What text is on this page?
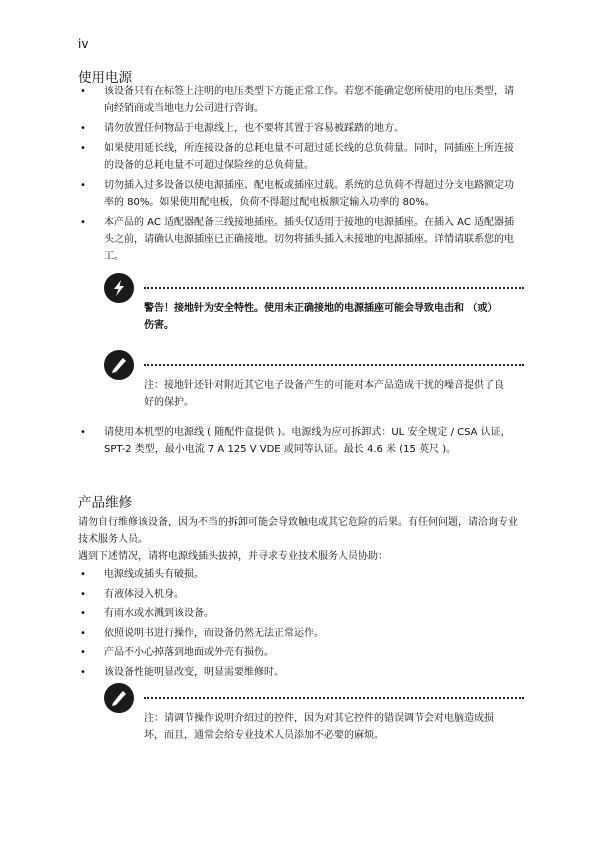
iv
使用电源
• 该设备只有在标签上注明的电压类型下方能正常工作。若您不能确定您所使用的电压类型，请向经销商或当地电力公司进行咨询。
• 请勿放置任何物品于电源线上，也不要将其置于容易被踩踏的地方。
• 如果使用延长线，所连接设备的总耗电量不可超过延长线的总负荷量。同时，同插座上所连接的设备的总耗电量不可超过保险丝的总负荷量。
• 切勿插入过多设备以使电源插座、配电板或插座过载。系统的总负荷不得超过分支电路额定功率的 80%。如果使用配电板，负荷不得超过配电板额定输入功率的 80%。
• 本产品的 AC 适配器配备三线接地插座。插头仅适用于接地的电源插座。在插入 AC 适配器插头之前，请确认电源插座已正确接地。切勿将插头插入未接地的电源插座。详情请联系您的电工。
警告！接地针为安全特性。使用未正确接地的电源插座可能会导致电击和 （或）伤害。
注：接地针还针对附近其它电子设备产生的可能对本产品造成干扰的噪音提供了良好的保护。
• 请使用本机型的电源线 ( 随配件盒提供 )。电源线为应可拆卸式：UL 安全规定 / CSA 认证， SPT-2 类型，最小电流 7 A 125 V VDE 或同等认证。最长 4.6 米 (15 英尺 )。
产品维修
请勿自行维修该设备，因为不当的拆卸可能会导致触电或其它危险的后果。有任何问题，请洽询专业技术服务人员。
遇到下述情况，请将电源线插头拔掉，并寻求专业技术服务人员协助：
• 电源线或插头有破损。
• 有液体浸入机身。
• 有雨水或水溅到该设备。
• 依照说明书进行操作，而设备仍然无法正常运作。
• 产品不小心掉落到地面或外壳有损伤。
• 该设备性能明显改变，明显需要维修时。
注：请调节操作说明介绍过的控件，因为对其它控件的错误调节会对电脑造成损坏，而且，通常会给专业技术人员添加不必要的麻烦。
